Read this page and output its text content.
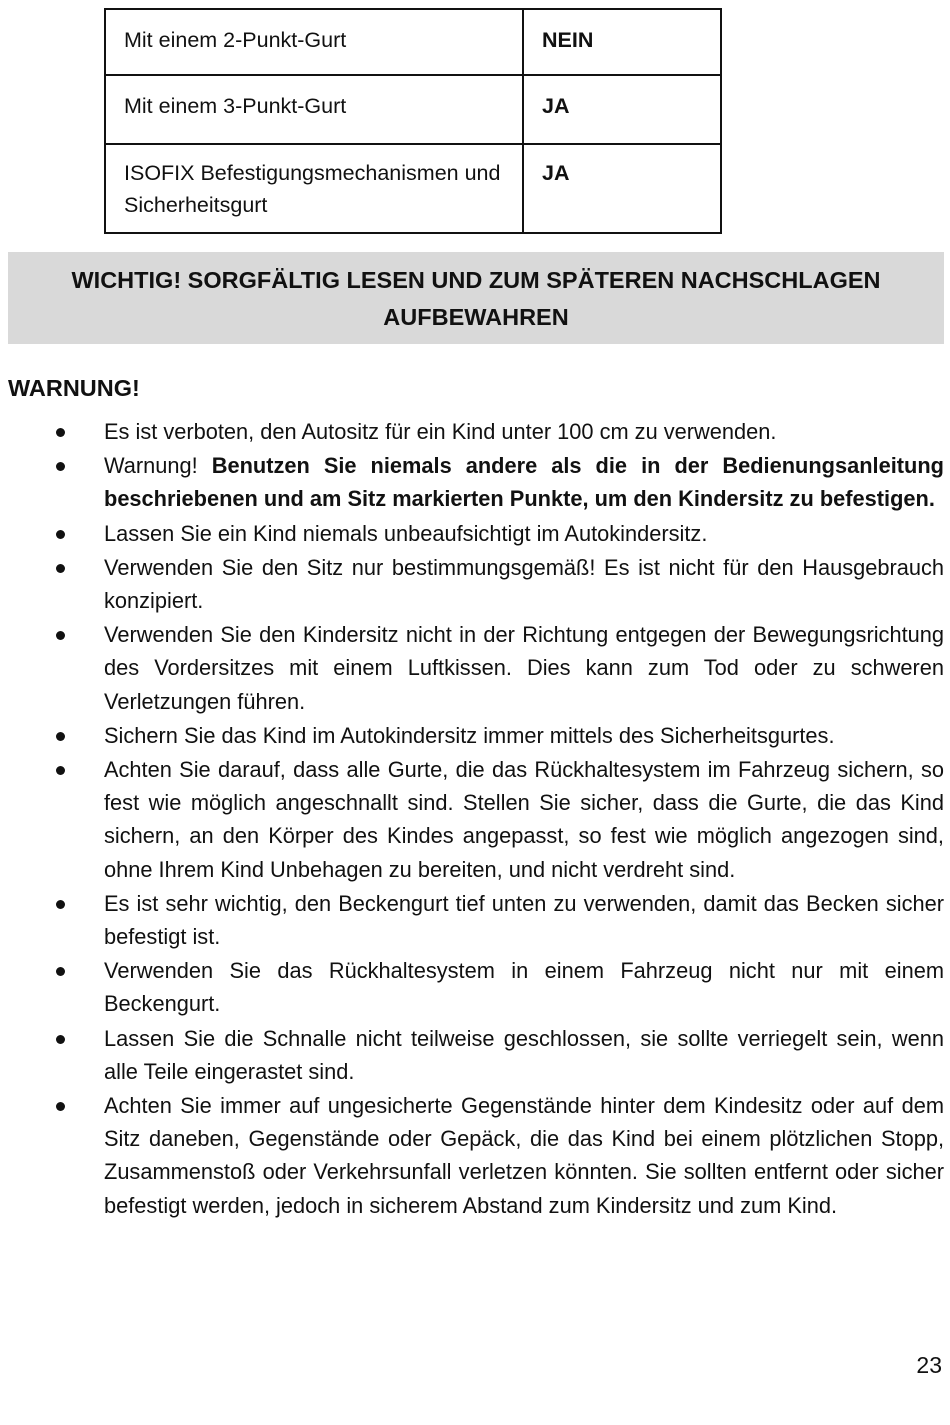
Mit einem 2-Punkt-Gurt	NEIN
Mit einem 3-Punkt-Gurt	JA
ISOFIX Befestigungsmechanismen und
Sicherheitsgurt	JA
WICHTIG! SORGFÄLTIG LESEN UND ZUM SPÄTEREN NACHSCHLAGEN
AUFBEWAHREN
WARNUNG!
Es ist verboten, den Autositz für ein Kind unter 100 cm zu verwenden.
Warnung! Benutzen Sie niemals andere als die in der Bedienungsanleitung beschriebenen und am Sitz markierten Punkte, um den Kindersitz zu befestigen.
Lassen Sie ein Kind niemals unbeaufsichtigt im Autokindersitz.
Verwenden Sie den Sitz nur bestimmungsgemäß! Es ist nicht für den Hausgebrauch konzipiert.
Verwenden Sie den Kindersitz nicht in der Richtung entgegen der Bewegungsrichtung des Vordersitzes mit einem Luftkissen. Dies kann zum Tod oder zu schweren Verletzungen führen.
Sichern Sie das Kind im Autokindersitz immer mittels des Sicherheitsgurtes.
Achten Sie darauf, dass alle Gurte, die das Rückhaltesystem im Fahrzeug sichern, so fest wie möglich angeschnallt sind. Stellen Sie sicher, dass die Gurte, die das Kind sichern, an den Körper des Kindes angepasst, so fest wie möglich angezogen sind, ohne Ihrem Kind Unbehagen zu bereiten, und nicht verdreht sind.
Es ist sehr wichtig, den Beckengurt tief unten zu verwenden, damit das Becken sicher befestigt ist.
Verwenden Sie das Rückhaltesystem in einem Fahrzeug nicht nur mit einem Beckengurt.
Lassen Sie die Schnalle nicht teilweise geschlossen, sie sollte verriegelt sein, wenn alle Teile eingerastet sind.
Achten Sie immer auf ungesicherte Gegenstände hinter dem Kindesitz oder auf dem Sitz daneben, Gegenstände oder Gepäck, die das Kind bei einem plötzlichen Stopp, Zusammenstoß oder Verkehrsunfall verletzen könnten. Sie sollten entfernt oder sicher befestigt werden, jedoch in sicherem Abstand zum Kindersitz und zum Kind.
23
